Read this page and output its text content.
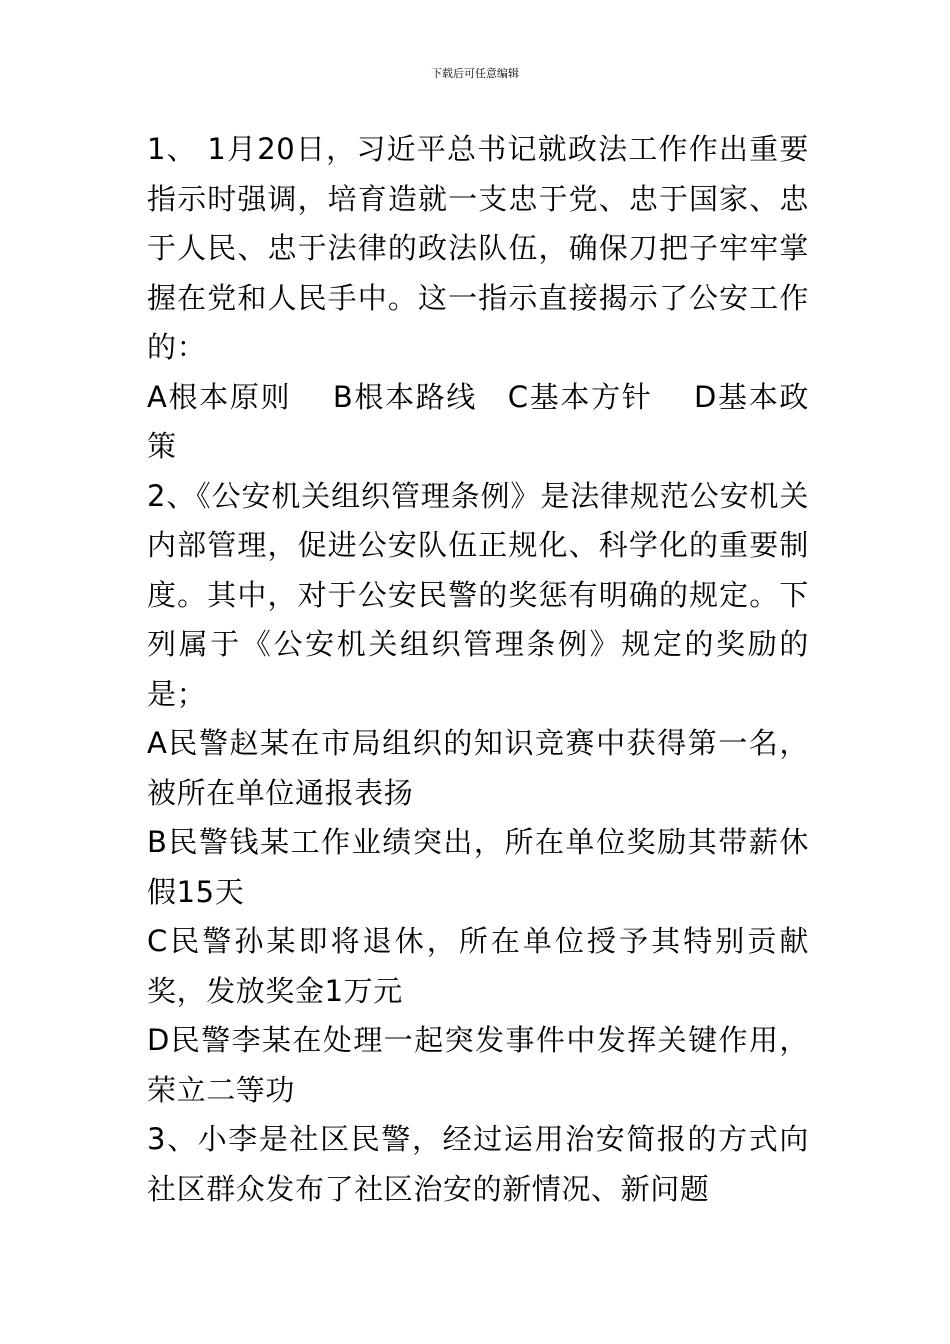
下载后可任意编辑

1、 1月20日，习近平总书记就政法工作作出重要指示时强调，培育造就一支忠于党、忠于国家、忠于人民、忠于法律的政法队伍，确保刀把子牢牢掌握在党和人民手中。这一指示直接揭示了公安工作的：

A根本原则　 B根本路线　C基本方针　 D基本政策

2、《公安机关组织管理条例》是法律规范公安机关内部管理，促进公安队伍正规化、科学化的重要制度。其中，对于公安民警的奖惩有明确的规定。下列属于《公安机关组织管理条例》规定的奖励的是；

A民警赵某在市局组织的知识竞赛中获得第一名，被所在单位通报表扬

B民警钱某工作业绩突出，所在单位奖励其带薪休假15天

C民警孙某即将退休，所在单位授予其特别贡献奖，发放奖金1万元

D民警李某在处理一起突发事件中发挥关键作用，荣立二等功

3、小李是社区民警，经过运用治安简报的方式向社区群众发布了社区治安的新情况、新问题
